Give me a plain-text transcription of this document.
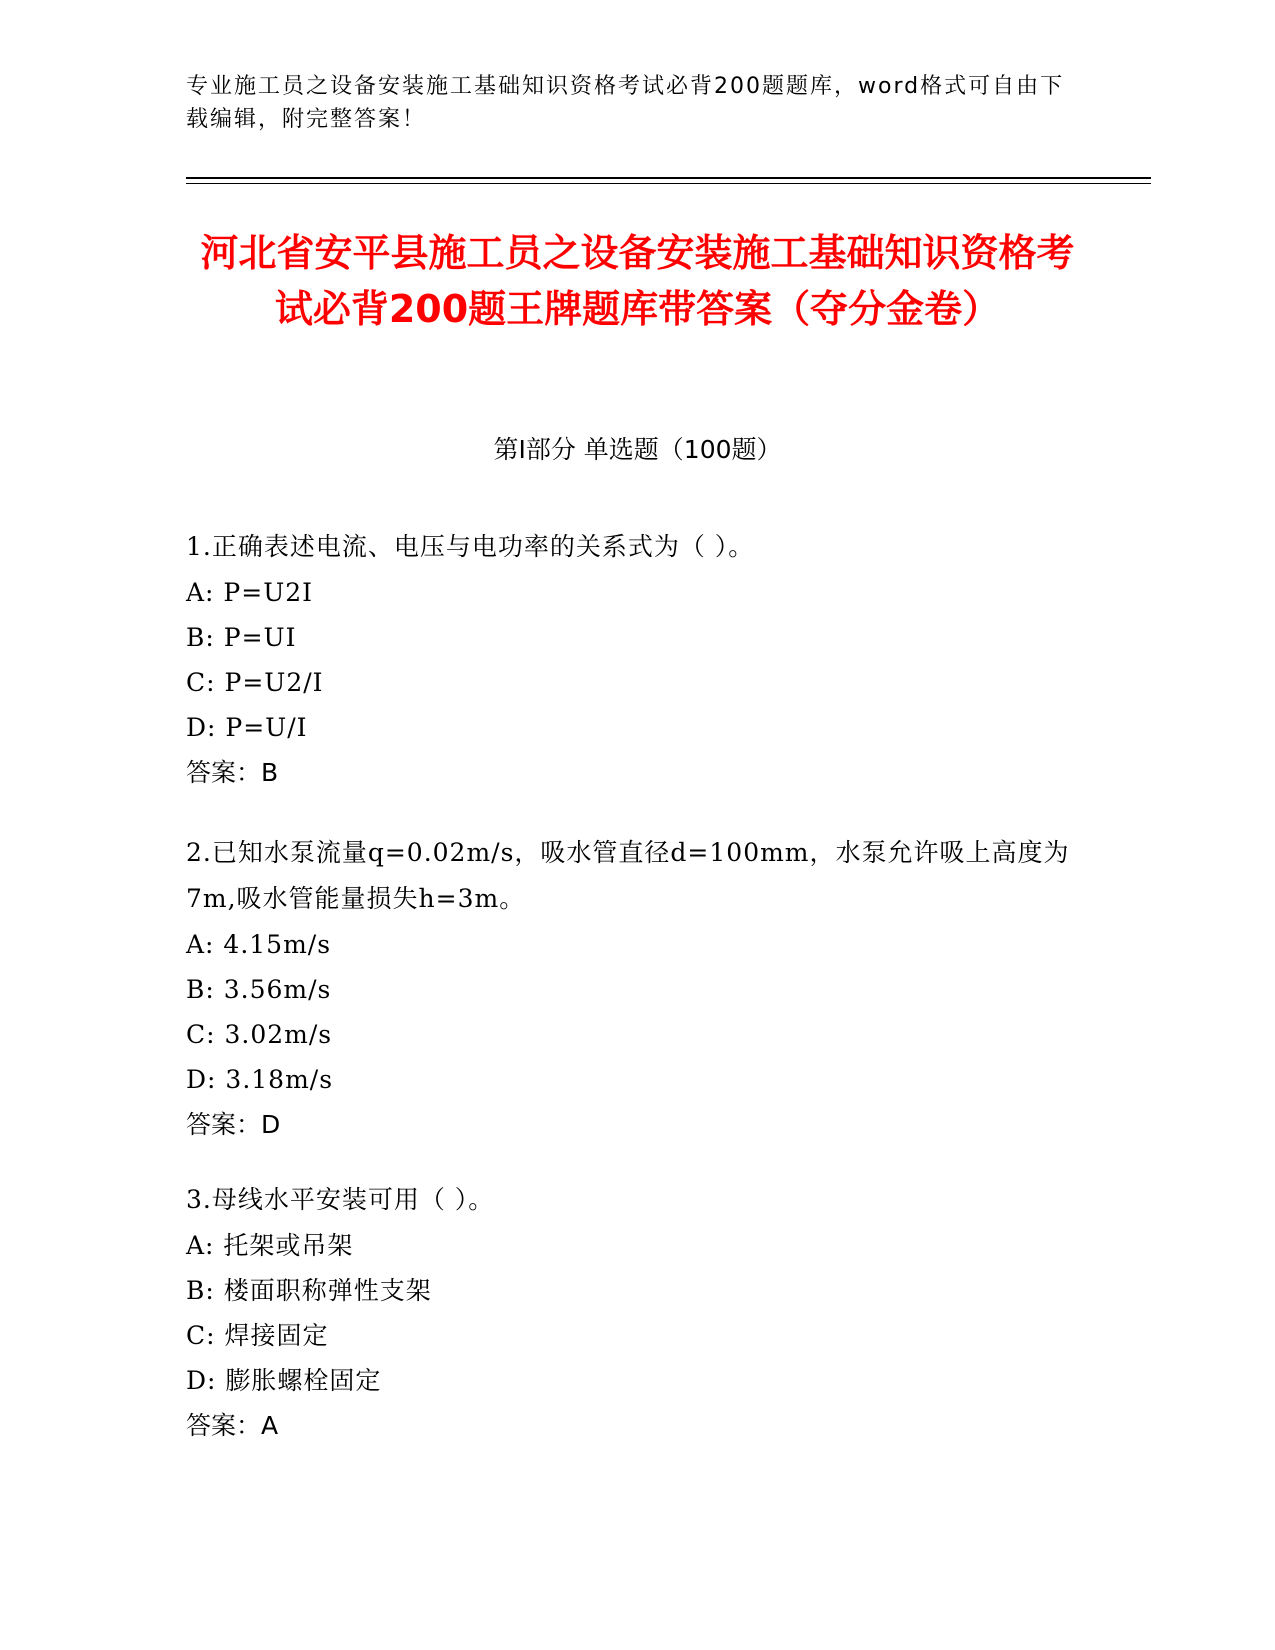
专业施工员之设备安装施工基础知识资格考试必背200题题库，word格式可自由下载编辑，附完整答案！
河北省安平县施工员之设备安装施工基础知识资格考试必背200题王牌题库带答案（夺分金卷）
第Ⅰ部分 单选题（100题）
1.正确表述电流、电压与电功率的关系式为（ ）。
A: P=U2I
B: P=UI
C: P=U2/I
D: P=U/I
答案：B
2.已知水泵流量q=0.02m/s，吸水管直径d=100mm，水泵允许吸上高度为7m,吸水管能量损失h=3m。
A: 4.15m/s
B: 3.56m/s
C: 3.02m/s
D: 3.18m/s
答案：D
3.母线水平安装可用（ ）。
A: 托架或吊架
B: 楼面职称弹性支架
C: 焊接固定
D: 膨胀螺栓固定
答案：A
